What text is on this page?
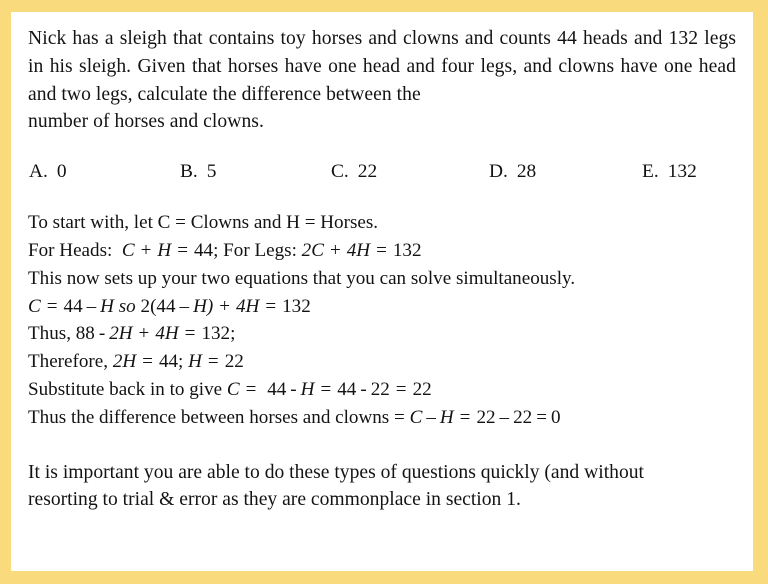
Nick has a sleigh that contains toy horses and clowns and counts 44 heads and 132 legs in his sleigh. Given that horses have one head and four legs, and clowns have one head and two legs, calculate the difference between the
number of horses and clowns.
A. 0	B. 5	C. 22	D. 28	E. 132
To start with, let C = Clowns and H = Horses.
For Heads: C + H = 44; For Legs: 2C + 4H = 132
This now sets up your two equations that you can solve simultaneously.
C = 44 – H so 2(44 – H) + 4H = 132
Thus, 88 - 2H + 4H = 132;
Therefore, 2H = 44; H = 22
Substitute back in to give C = 44 - H = 44 - 22 = 22
Thus the difference between horses and clowns = C – H = 22 – 22 = 0
It is important you are able to do these types of questions quickly (and without
resorting to trial & error as they are commonplace in section 1.
